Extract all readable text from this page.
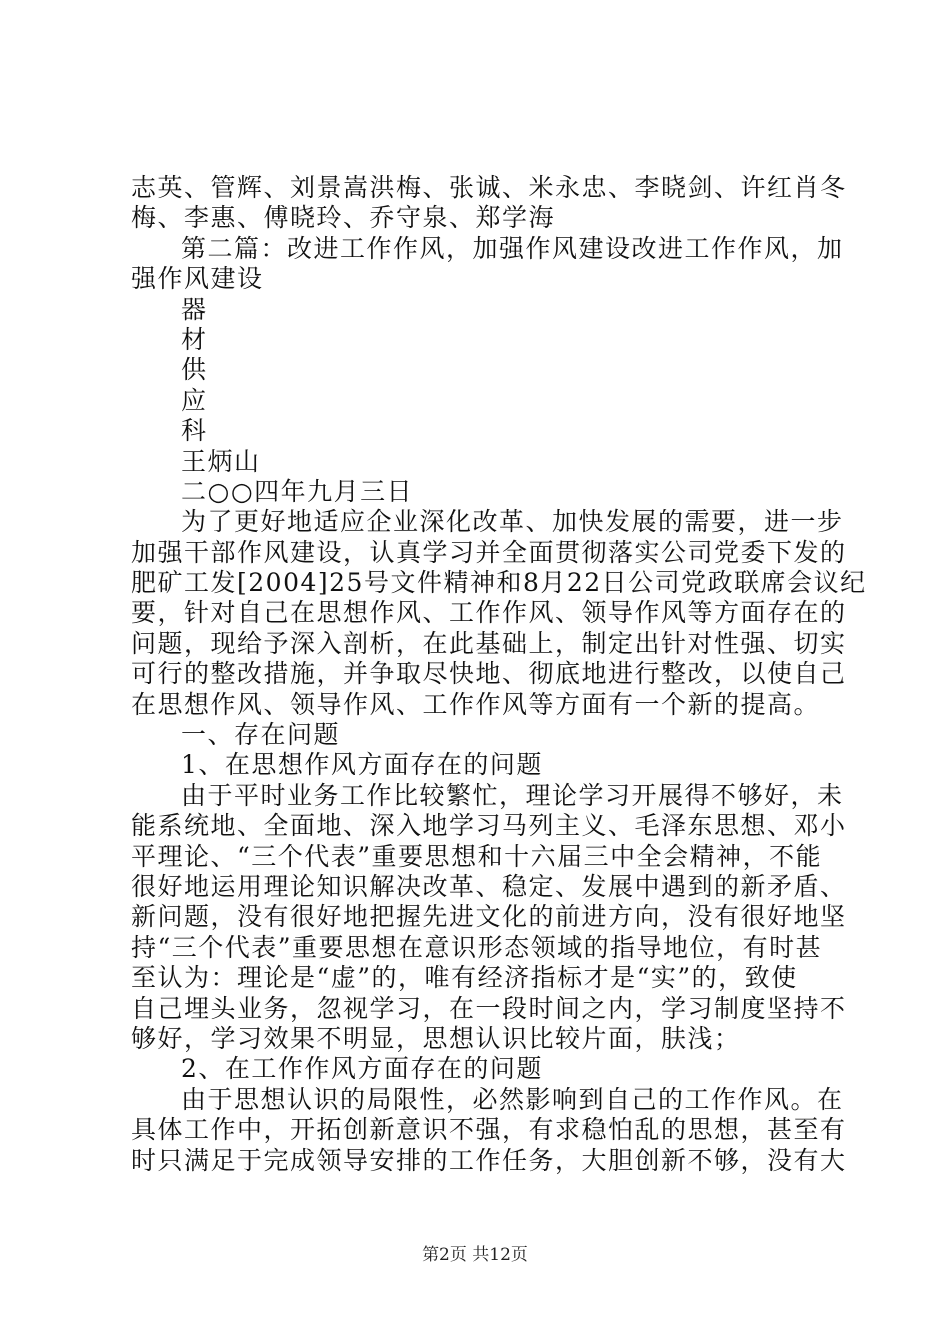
志英、管辉、刘景嵩洪梅、张诚、米永忠、李晓剑、许红肖冬
梅、李惠、傅晓玲、乔守泉、郑学海
第二篇：改进工作作风，加强作风建设改进工作作风，加
强作风建设
器
材
供
应
科
王炳山
二○○四年九月三日
为了更好地适应企业深化改革、加快发展的需要，进一步
加强干部作风建设，认真学习并全面贯彻落实公司党委下发的
肥矿工发[2004]25号文件精神和8月22日公司党政联席会议纪
要，针对自己在思想作风、工作作风、领导作风等方面存在的
问题，现给予深入剖析，在此基础上，制定出针对性强、切实
可行的整改措施，并争取尽快地、彻底地进行整改，以使自己
在思想作风、领导作风、工作作风等方面有一个新的提高。
一、存在问题
1、在思想作风方面存在的问题
由于平时业务工作比较繁忙，理论学习开展得不够好，未
能系统地、全面地、深入地学习马列主义、毛泽东思想、邓小
平理论、“三个代表”重要思想和十六届三中全会精神，不能
很好地运用理论知识解决改革、稳定、发展中遇到的新矛盾、
新问题，没有很好地把握先进文化的前进方向，没有很好地坚
持“三个代表”重要思想在意识形态领域的指导地位，有时甚
至认为：理论是“虚”的，唯有经济指标才是“实”的，致使
自己埋头业务，忽视学习，在一段时间之内，学习制度坚持不
够好，学习效果不明显，思想认识比较片面，肤浅；
2、在工作作风方面存在的问题
由于思想认识的局限性，必然影响到自己的工作作风。在
具体工作中，开拓创新意识不强，有求稳怕乱的思想，甚至有
时只满足于完成领导安排的工作任务，大胆创新不够，没有大
第2页 共12页
